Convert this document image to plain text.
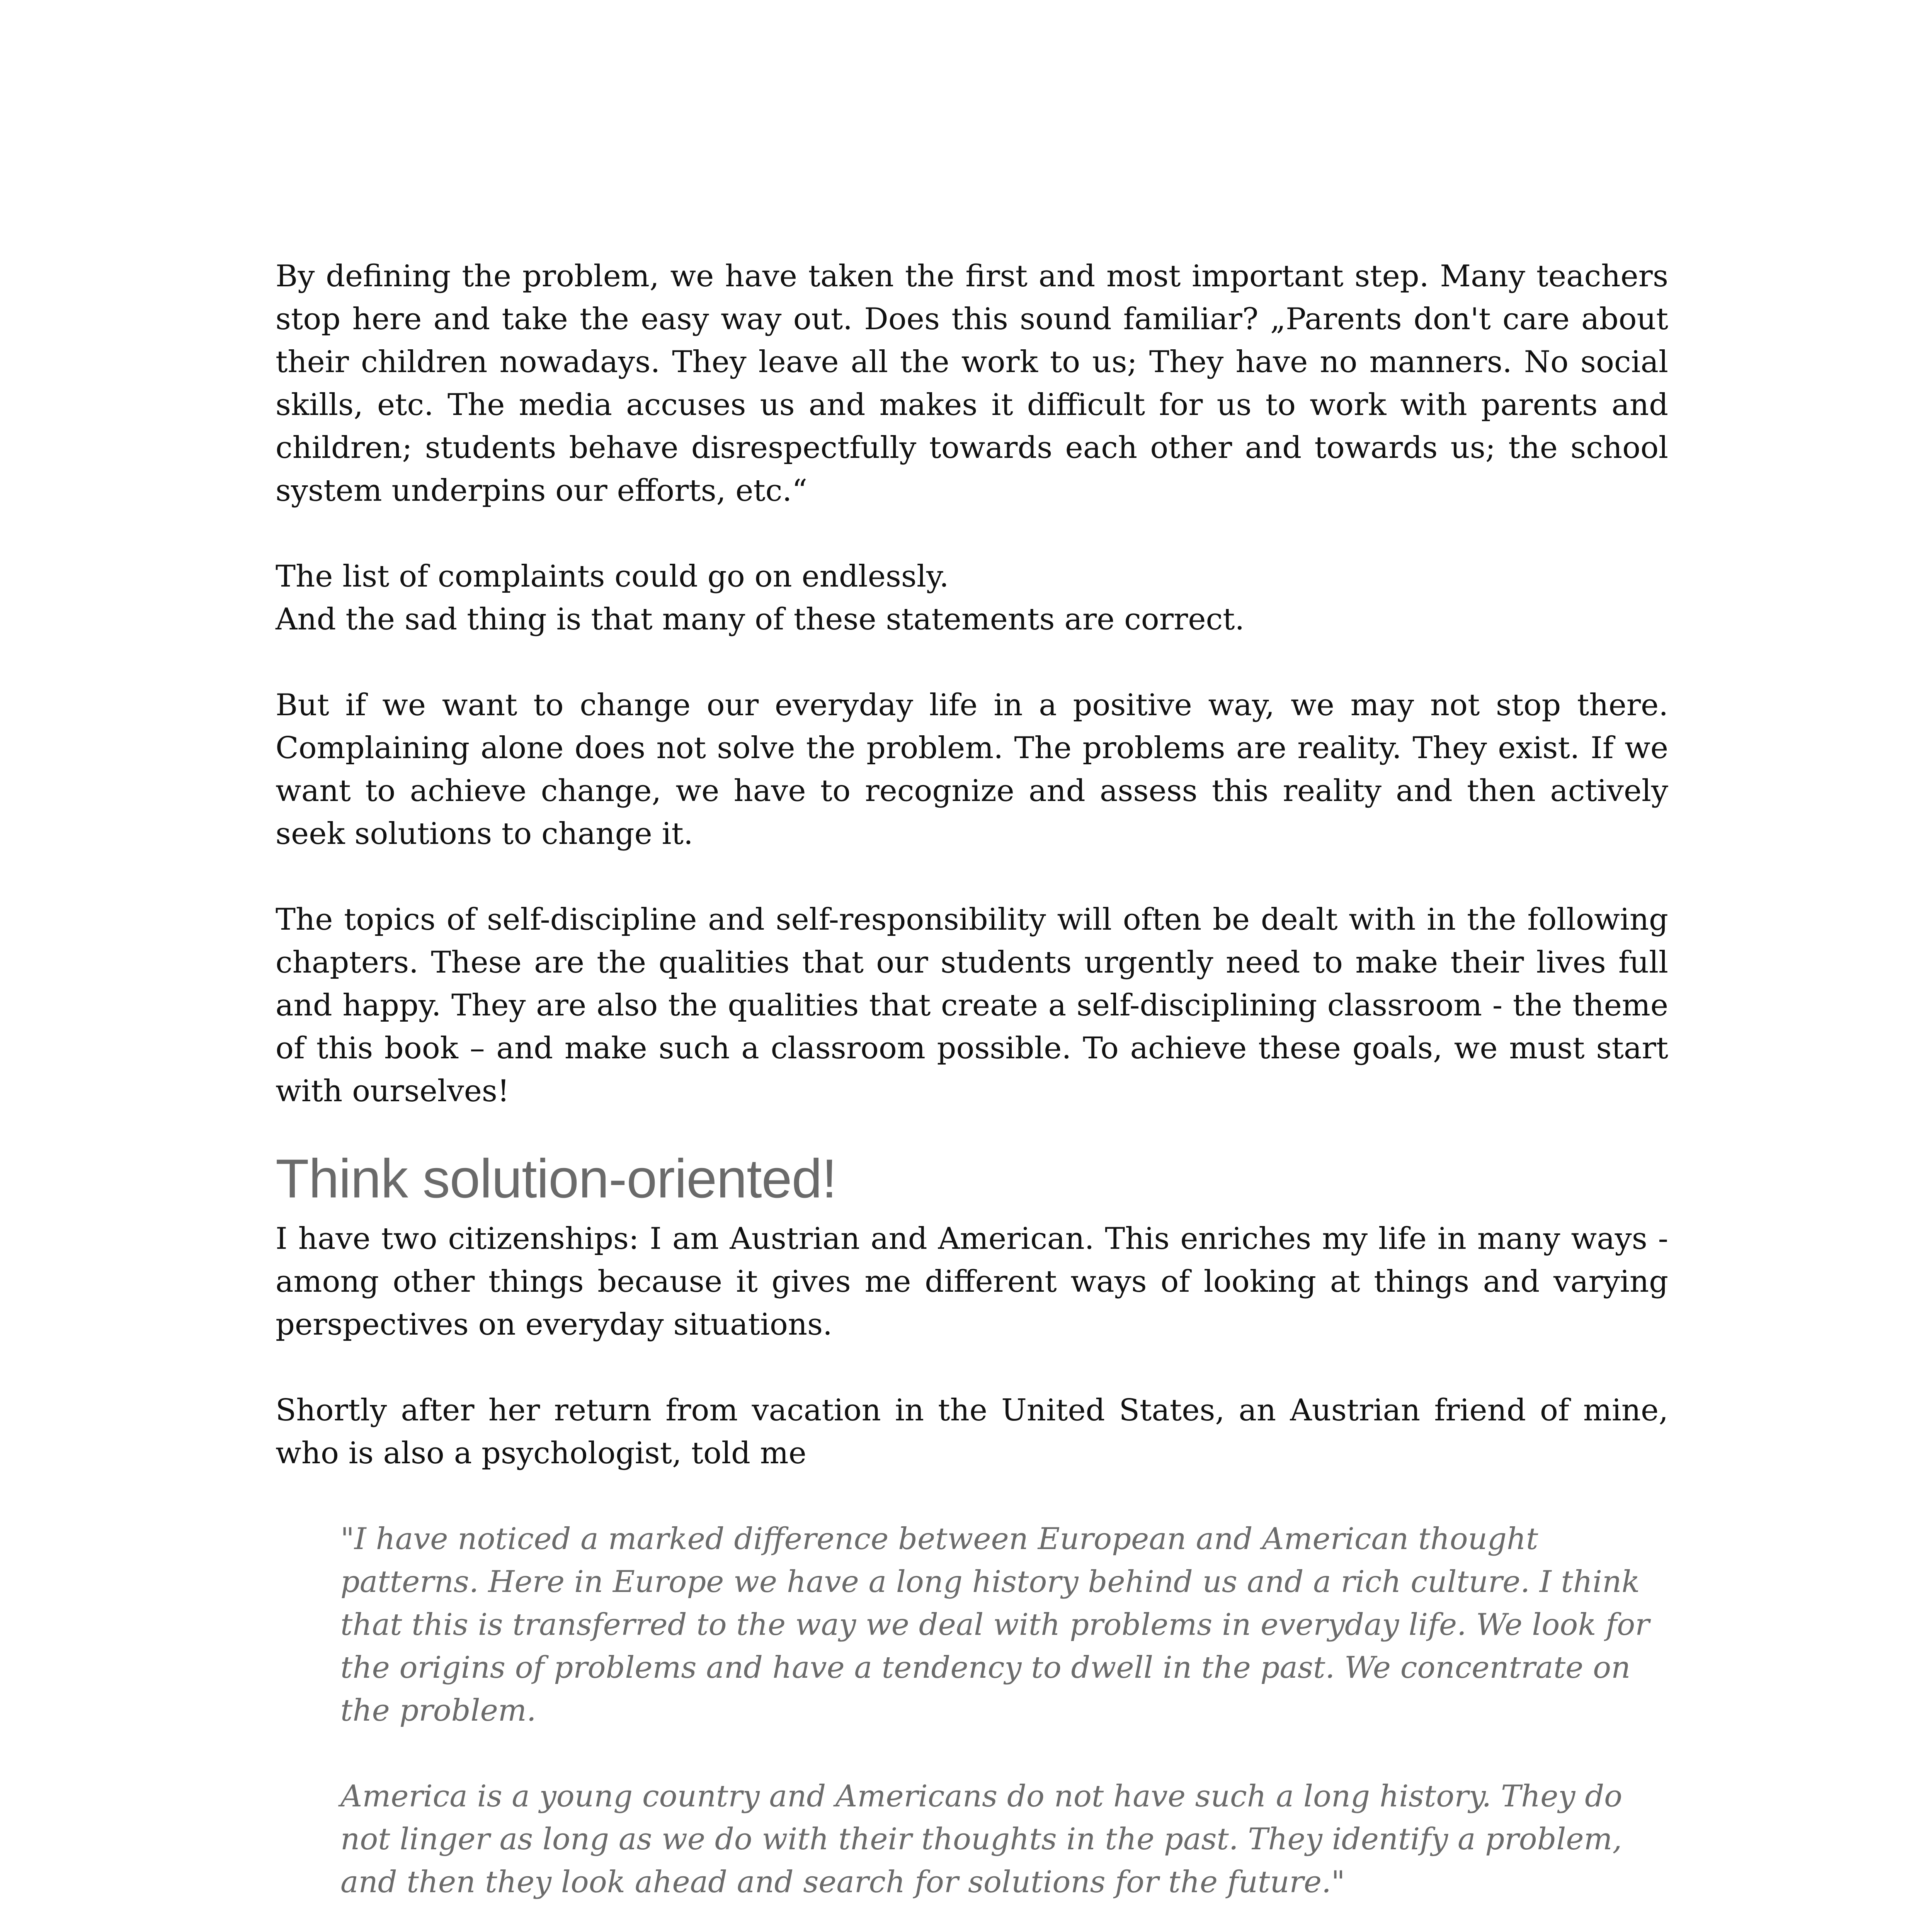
By defining the problem, we have taken the first and most important step. Many teachers stop here and take the easy way out. Does this sound familiar? „Parents don't care about their children nowadays. They leave all the work to us; They have no manners. No social skills, etc. The media accuses us and makes it difficult for us to work with parents and children; students behave disrespectfully towards each other and towards us; the school system underpins our efforts, etc.“

The list of complaints could go on endlessly.

And the sad thing is that many of these statements are correct.

But if we want to change our everyday life in a positive way, we may not stop there. Complaining alone does not solve the problem. The problems are reality. They exist. If we want to achieve change, we have to recognize and assess this reality and then actively seek solutions to change it.

The topics of self-discipline and self-responsibility will often be dealt with in the following chapters. These are the qualities that our students urgently need to make their lives full and happy. They are also the qualities that create a self-disciplining classroom - the theme of this book – and make such a classroom possible. To achieve these goals, we must start with ourselves!

Think solution-oriented!

I have two citizenships: I am Austrian and American. This enriches my life in many ways - among other things because it gives me different ways of looking at things and varying perspectives on everyday situations.

Shortly after her return from vacation in the United States, an Austrian friend of mine, who is also a psychologist, told me

"I have noticed a marked difference between European and American thought patterns. Here in Europe we have a long history behind us and a rich culture. I think that this is transferred to the way we deal with problems in everyday life. We look for the origins of problems and have a tendency to dwell in the past. We concentrate on the problem.

America is a young country and Americans do not have such a long history. They do not linger as long as we do with their thoughts in the past. They identify a problem, and then they look ahead and search for solutions for the future."
